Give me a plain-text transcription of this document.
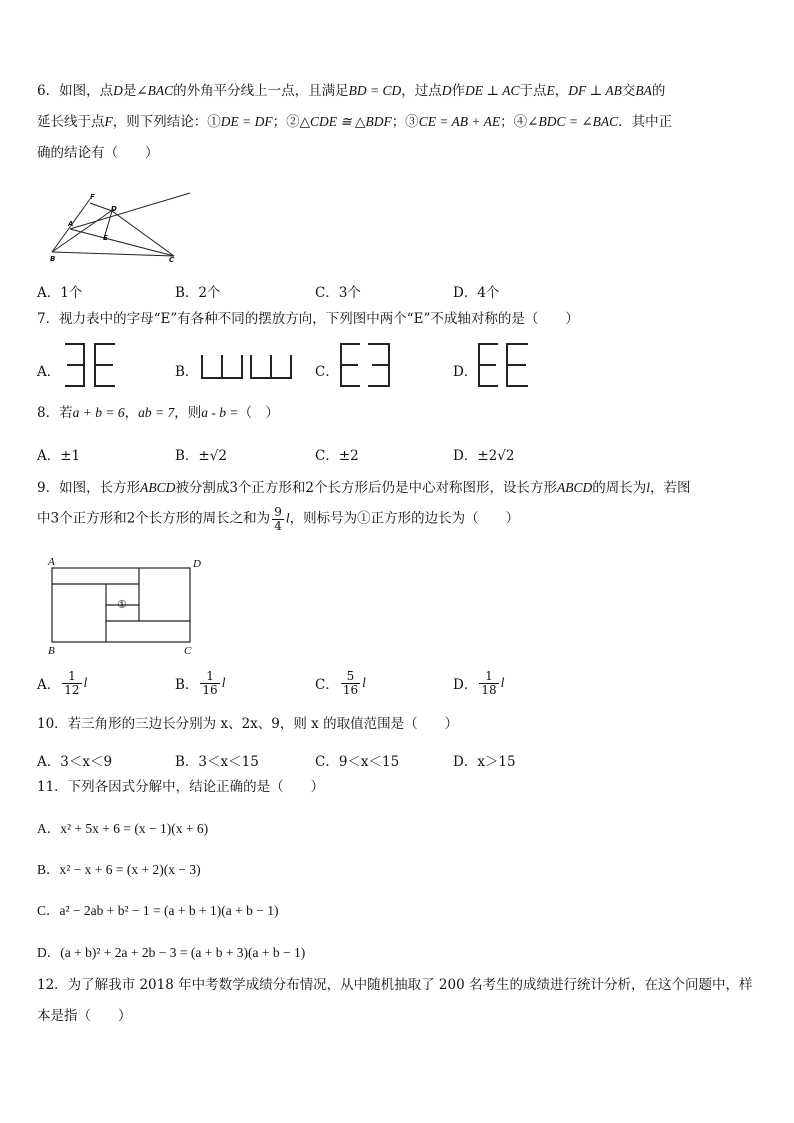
6．如图，点D是∠BAC的外角平分线上一点，且满足BD = CD，过点D作DE ⊥ AC于点E，DF ⊥ AB交BA的
延长线于点F，则下列结论：①DE = DF；②△CDE ≅ △BDF；③CE = AB + AE；④∠BDC = ∠BAC．其中正
确的结论有（　　）
F
D
A
E
B	C
A．1个	B．2个	C．3个	D．4个
7．视力表中的字母“E”有各种不同的摆放方向，下列图中两个“E”不成轴对称的是（　　）
A．	B．	C．	D．
8．若a + b = 6，ab = 7，则a - b =（　）
A．±1	B．±√2	C．±2	D．±2√2
9．如图，长方形ABCD被分割成3个正方形和2个长方形后仍是中心对称图形，设长方形ABCD的周长为l，若图
中3个正方形和2个长方形的周长之和为 $\frac{9}{4}$ l，则标号为①正方形的边长为（　　）
A	D
B	C
①
A． $\frac{1}{12}$ l	B． $\frac{1}{16}$ l	C． $\frac{5}{16}$ l	D． $\frac{1}{18}$ l
10．若三角形的三边长分别为 x、2x、9，则 x 的取值范围是（　　）
A．3＜x＜9	B．3＜x＜15	C．9＜x＜15	D．x＞15
11．下列各因式分解中，结论正确的是（　　）
A．x² + 5x + 6 = (x − 1)(x + 6)
B．x² − x + 6 = (x + 2)(x − 3)
C．a² − 2ab + b² − 1 = (a + b + 1)(a + b − 1)
D．(a + b)² + 2a + 2b − 3 = (a + b + 3)(a + b − 1)
12．为了解我市 2018 年中考数学成绩分布情况，从中随机抽取了 200 名考生的成绩进行统计分析，在这个问题中，样
本是指（　　）
